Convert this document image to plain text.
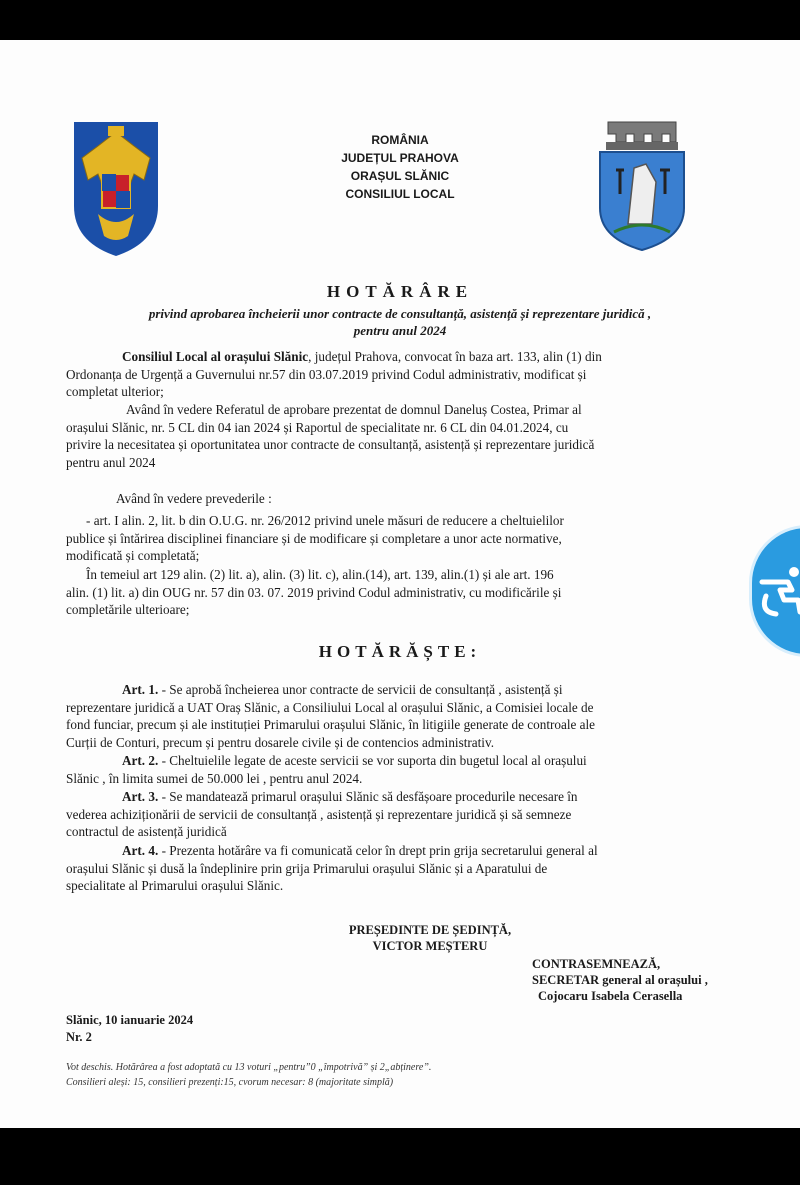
ROMÂNIA
JUDEȚUL PRAHOVA
ORAȘUL SLĂNIC
CONSILIUL LOCAL
HOTĂRÂRE
privind aprobarea încheierii unor contracte de consultanță, asistență și reprezentare juridică ,
pentru anul 2024
Consiliul Local al orașului Slănic, județul Prahova, convocat în baza art. 133, alin (1) din
Ordonanța de Urgență a Guvernului nr.57 din 03.07.2019 privind Codul administrativ, modificat și
completat ulterior;
Având în vedere Referatul de aprobare prezentat de domnul Daneluș Costea, Primar al
orașului Slănic, nr. 5 CL din 04 ian 2024 și Raportul de specialitate nr. 6 CL din 04.01.2024, cu
privire la necesitatea și oportunitatea unor contracte de consultanță, asistență și reprezentare juridică
pentru anul 2024
Având în vedere prevederile :
- art. I alin. 2, lit. b din O.U.G. nr. 26/2012 privind unele măsuri de reducere a cheltuielilor
publice și întărirea disciplinei financiare și de modificare și completare a unor acte normative,
modificată și completată;
În temeiul art 129 alin. (2) lit. a), alin. (3) lit. c), alin.(14), art. 139, alin.(1) și ale art. 196
alin. (1) lit. a) din OUG nr. 57 din 03. 07. 2019 privind Codul administrativ, cu modificările și
completările ulterioare;
HOTĂRĂȘTE:
Art. 1. - Se aprobă încheierea unor contracte de servicii de consultanță , asistență și
reprezentare juridică a UAT Oraș Slănic, a Consiliului Local al orașului Slănic, a Comisiei locale de
fond funciar, precum și ale instituției Primarului orașului Slănic, în litigiile generate de controale ale
Curții de Conturi, precum și pentru dosarele civile și de contencios administrativ.
Art. 2. - Cheltuielile legate de aceste servicii se vor suporta din bugetul local al orașului
Slănic , în limita sumei de 50.000 lei , pentru anul 2024.
Art. 3. - Se mandatează primarul orașului Slănic să desfășoare procedurile necesare în
vederea achiziționării de servicii de consultanță , asistență și reprezentare juridică și să semneze
contractul de asistență juridică
Art. 4. - Prezenta hotărâre va fi comunicată celor în drept prin grija secretarului general al
orașului Slănic și dusă la îndeplinire prin grija Primarului orașului Slănic și a Aparatului de
specialitate al Primarului orașului Slănic.
PREȘEDINTE DE ȘEDINȚĂ,
VICTOR MEȘTERU
CONTRASEMNEAZĂ,
SECRETAR general al orașului ,
Cojocaru Isabela Cerasella
Slănic, 10 ianuarie 2024
Nr. 2
Vot deschis. Hotărârea a fost adoptată cu 13 voturi „pentru”0 „împotrivă” și 2„abținere”.
Consilieri aleși: 15, consilieri prezenți:15, cvorum necesar: 8 (majoritate simplă)
